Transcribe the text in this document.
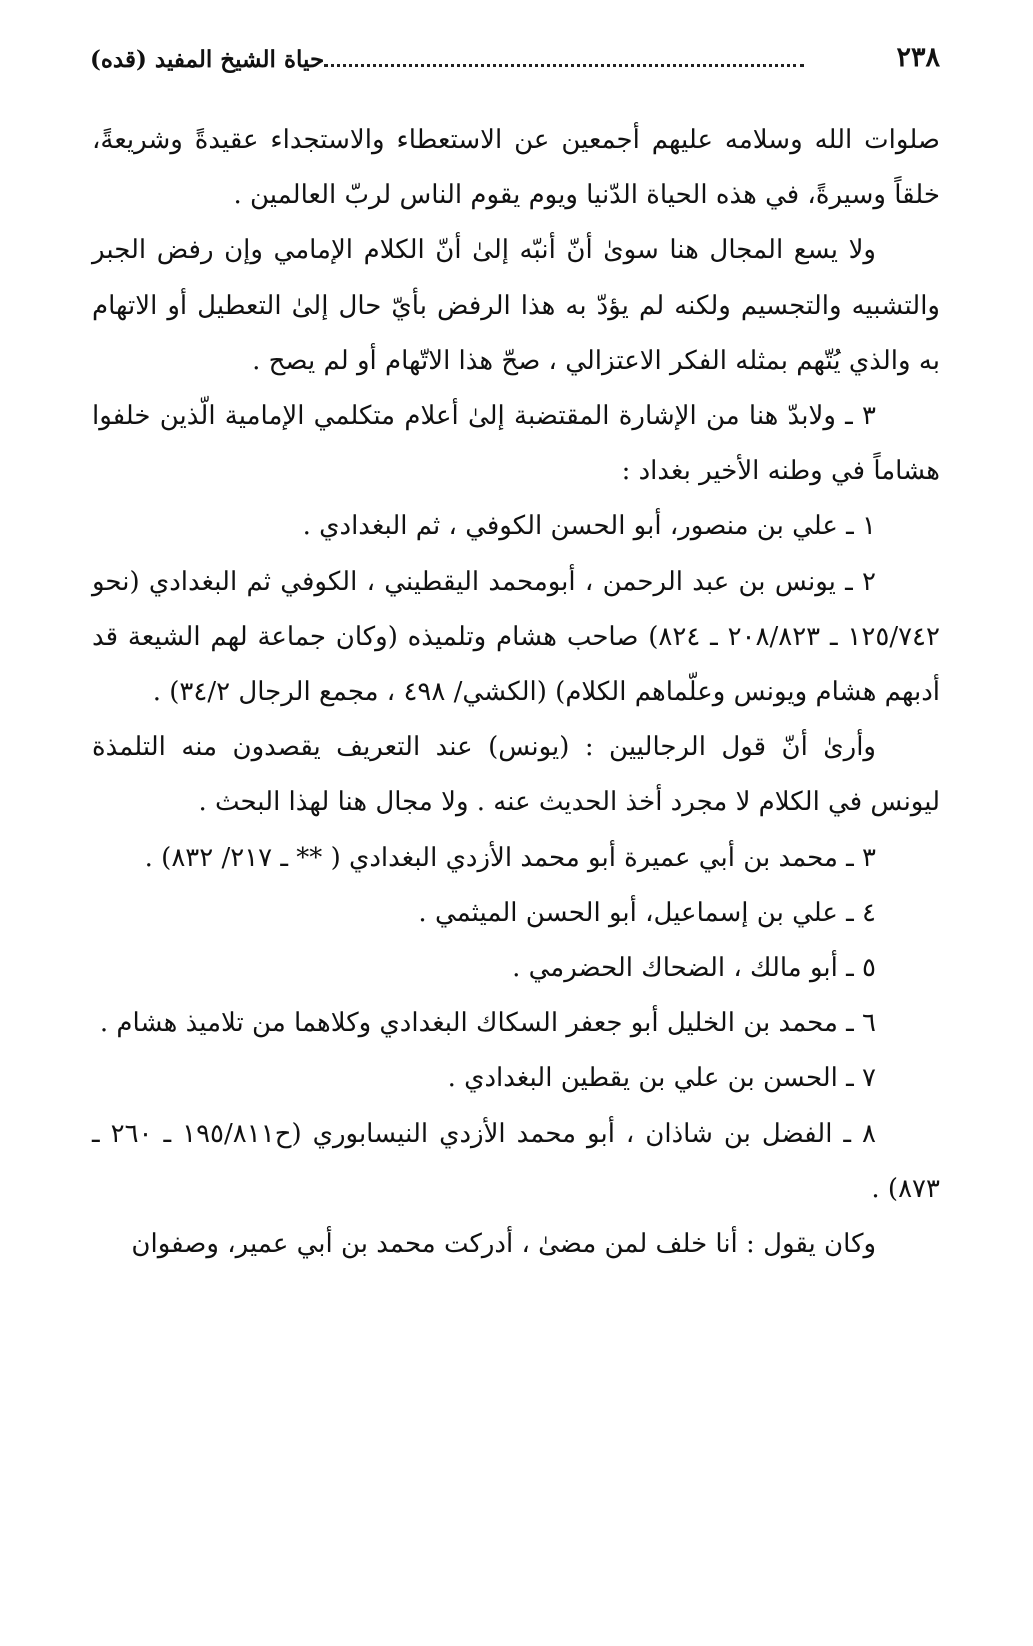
٢٣٨
حياة الشيخ المفيد (قده)

صلوات الله وسلامه عليهم أجمعين عن الاستعطاء والاستجداء عقيدةً وشريعةً، خلقاً وسيرةً، في هذه الحياة الدّنيا ويوم يقوم الناس لربّ العالمين .

ولا يسع المجال هنا سوىٰ أنّ أنبّه إلىٰ أنّ الكلام الإمامي وإن رفض الجبر والتشبيه والتجسيم ولكنه لم يؤدّ به هذا الرفض بأيّ حال إلىٰ التعطيل أو الاتهام به والذي يُتّهم بمثله الفكر الاعتزالي ، صحّ هذا الاتّهام أو لم يصح .

٣ ـ ولابدّ هنا من الإشارة المقتضبة إلىٰ أعلام متكلمي الإمامية الّذين خلفوا هشاماً في وطنه الأخير بغداد :

١ ـ علي بن منصور، أبو الحسن الكوفي ، ثم البغدادي .

٢ ـ يونس بن عبد الرحمن ، أبومحمد اليقطيني ، الكوفي ثم البغدادي (نحو ١٢٥/٧٤٢ ـ ٢٠٨/٨٢٣ ـ ٨٢٤) صاحب هشام وتلميذه (وكان جماعة لهم الشيعة قد أدبهم هشام ويونس وعلّماهم الكلام) (الكشي/ ٤٩٨ ، مجمع الرجال ٣٤/٢) .

وأرىٰ أنّ قول الرجاليين : (يونس) عند التعريف يقصدون منه التلمذة ليونس في الكلام لا مجرد أخذ الحديث عنه . ولا مجال هنا لهذا البحث .

٣ ـ محمد بن أبي عميرة أبو محمد الأزدي البغدادي ( ** ـ ٢١٧/ ٨٣٢) .

٤ ـ علي بن إسماعيل، أبو الحسن الميثمي .

٥ ـ أبو مالك ، الضحاك الحضرمي .

٦ ـ محمد بن الخليل أبو جعفر السكاك البغدادي وكلاهما من تلاميذ هشام .

٧ ـ الحسن بن علي بن يقطين البغدادي .

٨ ـ الفضل بن شاذان ، أبو محمد الأزدي النيسابوري (ح١٩٥/٨١١ ـ ٢٦٠ ـ ٨٧٣) .

وكان يقول : أنا خلف لمن مضىٰ ، أدركت محمد بن أبي عمير، وصفوان
